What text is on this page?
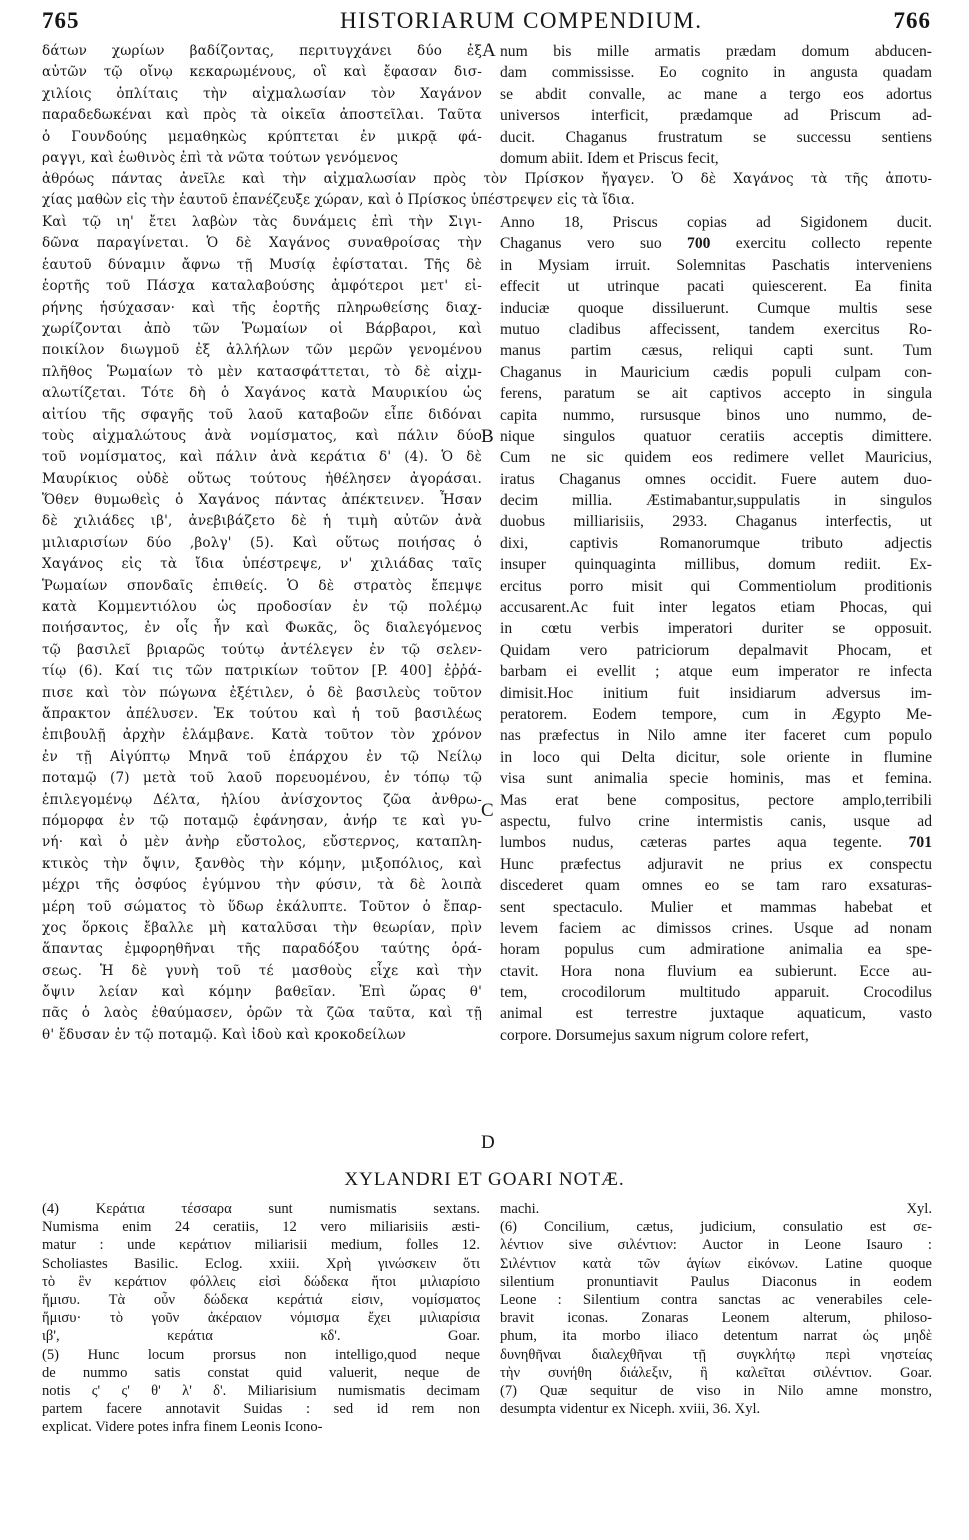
765	HISTORIARUM COMPENDIUM.	766
δάτων χωρίων βαδίζοντας, περιτυγχάνει δύο ἐξ
αὐτῶν τῷ οἴνῳ κεκαρωμένους, οἳ καὶ ἔφασαν δισ-
χιλίοις ὁπλίταις τὴν αἰχμαλωσίαν τὸν Χαγάνον
παραδεδωκέναι καὶ πρὸς τὰ οἰκεῖα ἀποστεῖλαι. Ταῦτα
ὁ Γουνδούης μεμαθηκὼς κρύπτεται ἐν μικρᾷ φά-
ραγγι, καὶ ἑωθινὸς ἐπὶ τὰ νῶτα τούτων γενόμενος
num bis mille armatis prædam domum abducen-
dam commississe. Eo cognito in angusta quadam
se abdit convalle, ac mane a tergo eos adortus
universos interficit, prædamque ad Priscum ad-
ducit. Chaganus frustratum se successu sentiens
domum abiit. Idem et Priscus fecit,
A
ἀθρόως πάντας ἀνεῖλε καὶ τὴν αἰχμαλωσίαν πρὸς τὸν Πρίσκον ἤγαγεν. Ὁ δὲ Χαγάνος τὰ τῆς ἀποτυ-
χίας μαθὼν εἰς τὴν ἑαυτοῦ ἐπανέζευξε χώραν, καὶ ὁ Πρίσκος ὑπέστρεψεν εἰς τὰ ἴδια.
Καὶ τῷ ιη' ἔτει λαβὼν τὰς δυνάμεις ἐπὶ τὴν Σιγι-
δῶνα παραγίνεται. Ὁ δὲ Χαγάνος συναθροίσας τὴν
ἑαυτοῦ δύναμιν ἄφνω τῇ Μυσίᾳ ἐφίσταται. Τῆς δὲ
ἑορτῆς τοῦ Πάσχα καταλαβούσης ἀμφότεροι μετ' εἰ-
ρήνης ἡσύχασαν· καὶ τῆς ἑορτῆς πληρωθείσης διαχ-
χωρίζονται ἀπὸ τῶν Ῥωμαίων οἱ Βάρβαροι, καὶ
ποικίλον διωγμοῦ ἐξ ἀλλήλων τῶν μερῶν γενομένου
πλῆθος Ῥωμαίων τὸ μὲν κατασφάττεται, τὸ δὲ αἰχμ-
αλωτίζεται. Τότε δὴ ὁ Χαγάνος κατὰ Μαυρικίου ὡς
αἰτίου τῆς σφαγῆς τοῦ λαοῦ καταβοῶν εἶπε διδόναι
τοὺς αἰχμαλώτους ἀνὰ νομίσματος, καὶ πάλιν δύο
τοῦ νομίσματος, καὶ πάλιν ἀνὰ κεράτια δ' (4). Ὁ δὲ
Μαυρίκιος οὐδὲ οὕτως τούτους ἠθέλησεν ἀγοράσαι.
Ὅθεν θυμωθεὶς ὁ Χαγάνος πάντας ἀπέκτεινεν. Ἦσαν
δὲ χιλιάδες ιβ', ἀνεβιβάζετο δὲ ἡ τιμὴ αὐτῶν ἀνὰ
μιλιαρισίων δύο ,βολγ' (5). Καὶ οὕτως ποιήσας ὁ
Χαγάνος εἰς τὰ ἴδια ὑπέστρεψε, ν' χιλιάδας ταῖς
Ῥωμαίων σπονδαῖς ἐπιθείς. Ὁ δὲ στρατὸς ἔπεμψε
κατὰ Κομμεντιόλου ὡς προδοσίαν ἐν τῷ πολέμῳ
ποιήσαντος, ἐν οἷς ἦν καὶ Φωκᾶς, ὃς διαλεγόμενος
τῷ βασιλεῖ βριαρῶς τούτῳ ἀντέλεγεν ἐν τῷ σελεν-
τίῳ (6). Καί τις τῶν πατρικίων τοῦτον [P. 400] ἐῤῥά-
πισε καὶ τὸν πώγωνα ἐξέτιλεν, ὁ δὲ βασιλεὺς τοῦτον
ἄπρακτον ἀπέλυσεν. Ἐκ τούτου καὶ ἡ τοῦ βασιλέως
ἐπιβουλῇ ἀρχὴν ἐλάμβανε. Κατὰ τοῦτον τὸν χρόνον
ἐν τῇ Αἰγύπτῳ Μηνᾶ τοῦ ἐπάρχου ἐν τῷ Νείλῳ
ποταμῷ (7) μετὰ τοῦ λαοῦ πορευομένου, ἐν τόπῳ τῷ
ἐπιλεγομένῳ Δέλτα, ἡλίου ἀνίσχοντος ζῶα ἀνθρω-
πόμορφα ἐν τῷ ποταμῷ ἐφάνησαν, ἀνήρ τε καὶ γυ-
νή· καὶ ὁ μὲν ἀνὴρ εὔστολος, εὔστερνος, καταπλη-
κτικὸς τὴν ὄψιν, ξανθὸς τὴν κόμην, μιξοπόλιος, καὶ
μέχρι τῆς ὀσφύος ἐγύμνου τὴν φύσιν, τὰ δὲ λοιπὰ
μέρη τοῦ σώματος τὸ ὕδωρ ἐκάλυπτε. Τοῦτον ὁ ἔπαρ-
χος ὅρκοις ἔβαλλε μὴ καταλῦσαι τὴν θεωρίαν, πρὶν
ἅπαντας ἐμφορηθῆναι τῆς παραδόξου ταύτης ὁρά-
σεως. Ἡ δὲ γυνὴ τοῦ τέ μασθοὺς εἶχε καὶ τὴν
ὄψιν λείαν καὶ κόμην βαθεῖαν. Ἐπὶ ὥρας θ'
πᾶς ὁ λαὸς ἐθαύμασεν, ὁρῶν τὰ ζῶα ταῦτα, καὶ τῇ
θ' ἔδυσαν ἐν τῷ ποταμῷ. Καὶ ἰδοὺ καὶ κροκοδείλων
Anno 18, Priscus copias ad Sigidonem ducit.
Chaganus vero suo 700 exercitu collecto repente
in Mysiam irruit. Solemnitas Paschatis interveniens
effecit ut utrinque pacati quiescerent. Ea finita
induciæ quoque dissiluerunt. Cumque multis sese
mutuo cladibus affecissent, tandem exercitus Ro-
manus partim cæsus, reliqui capti sunt. Tum
Chaganus in Mauricium cædis populi culpam con-
ferens, paratum se ait captivos accepto in singula
capita nummo, rursusque binos uno nummo, de-
nique singulos quatuor ceratiis acceptis dimittere.
Cum ne sic quidem eos redimere vellet Mauricius,
iratus Chaganus omnes occidit. Fuere autem duo-
decim millia. Æstimabantur,suppulatis in singulos
duobus milliarisiis, 2933. Chaganus interfectis, ut
dixi, captivis Romanorumque tributo adjectis
insuper quinquaginta millibus, domum rediit. Ex-
ercitus porro misit qui Commentiolum proditionis
accusarent.Ac fuit inter legatos etiam Phocas, qui
in cœtu verbis imperatori duriter se opposuit.
Quidam vero patriciorum depalmavit Phocam, et
barbam ei evellit ; atque eum imperator re infecta
dimisit.Hoc initium fuit insidiarum adversus im-
peratorem. Eodem tempore, cum in Ægypto Me-
nas præfectus in Nilo amne iter faceret cum populo
in loco qui Delta dicitur, sole oriente in flumine
visa sunt animalia specie hominis, mas et femina.
Mas erat bene compositus, pectore amplo,terribili
aspectu, fulvo crine intermistis canis, usque ad
lumbos nudus, cæteras partes aqua tegente. 701
Hunc præfectus adjuravit ne prius ex conspectu
discederet quam omnes eo se tam raro exsaturas-
sent spectaculo. Mulier et mammas habebat et
levem faciem ac dimissos crines. Usque ad nonam
horam populus cum admiratione animalia ea spe-
ctavit. Hora nona fluvium ea subierunt. Ecce au-
tem, crocodilorum multitudo apparuit. Crocodilus
animal est terrestre juxtaque aquaticum, vasto
corpore. Dorsumejus saxum nigrum colore refert,
B
C
D
XYLANDRI ET GOARI NOTÆ.
(4) Κεράτια τέσσαρα sunt numismatis sextans.
Numisma enim 24 ceratiis, 12 vero miliarisiis æsti-
matur : unde κεράτιον miliarisii medium, folles 12.
Scholiastes Basilic. Eclog. xxiii. Χρὴ γινώσκειν ὅτι
τὸ ἓν κεράτιον φόλλεις εἰσὶ δώδεκα ἤτοι μιλιαρίσιο
ἥμισυ. Τὰ οὖν δώδεκα κεράτιά εἰσιν, νομίσματος
ἥμισυ· τὸ γοῦν ἀκέραιον νόμισμα ἔχει μιλιαρίσια
ιβ', κεράτια κδ'. Goar.
(5) Hunc locum prorsus non intelligo,quod neque
de nummo satis constat quid valuerit, neque de
notis ς' ς' θ' λ' δ'. Miliarisium numismatis decimam
partem facere annotavit Suidas : sed id rem non
explicat. Videre potes infra finem Leonis Icono-
machi. Xyl.
(6) Concilium, cætus, judicium, consulatio est σε-
λέντιον sive σιλέντιον: Auctor in Leone Isauro :
Σιλέντιον κατὰ τῶν ἁγίων εἰκόνων. Latine quoque
silentium pronuntiavit Paulus Diaconus in eodem
Leone : Silentium contra sanctas ac venerabiles cele-
bravit iconas. Zonaras Leonem alterum, philoso-
phum, ita morbo iliaco detentum narrat ὡς μηδὲ
δυνηθῆναι διαλεχθῆναι τῇ συγκλήτῳ περὶ νηστείας
τὴν συνήθη διάλεξιν, ἣ καλεῖται σιλέντιον. Goar.
(7) Quæ sequitur de viso in Nilo amne monstro,
desumpta videntur ex Niceph. xviii, 36. Xyl.
